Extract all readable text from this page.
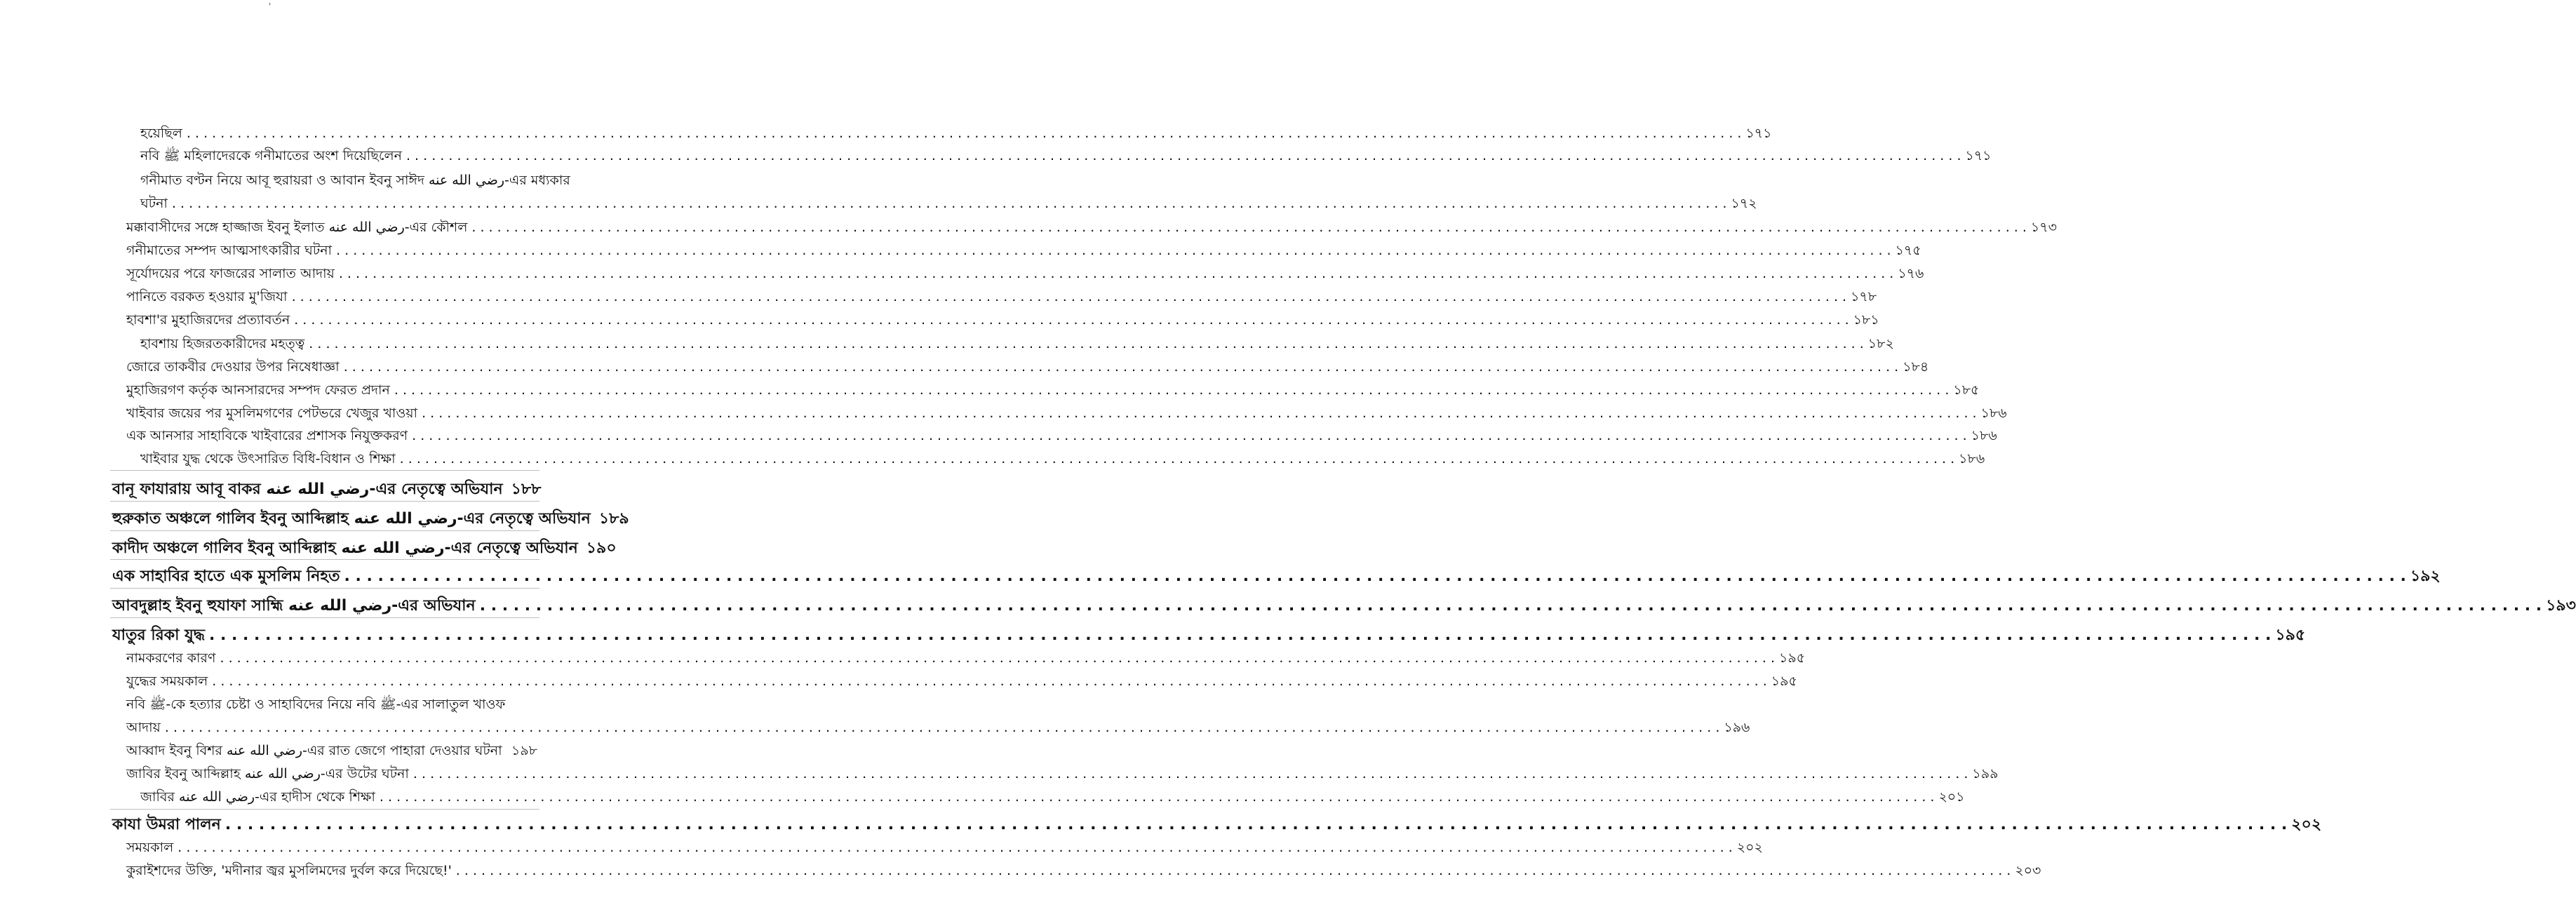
'
হয়েছিল . . .	১৭১
নবি ﷺ মহিলাদেরকে গনীমাতের অংশ দিয়েছিলেন . . .	১৭১
গনীমাত বণ্টন নিয়ে আবূ হুরায়রা ও আবান ইবনু সাঈদ رضي الله عنه-এর মধ্যকার
ঘটনা . . .	১৭২
মক্কাবাসীদের সঙ্গে হাজ্জাজ ইবনু ইলাত رضي الله عنه-এর কৌশল . . .	১৭৩
গনীমাতের সম্পদ আত্মসাৎকারীর ঘটনা . . .	১৭৫
সূর্যোদয়ের পরে ফাজরের সালাত আদায় . . .	১৭৬
পানিতে বরকত হওয়ার মু'জিযা . . .	১৭৮
হাবশা'র মুহাজিরদের প্রত্যাবর্তন . . .	১৮১
হাবশায় হিজরতকারীদের মহত্ত্ব . . .	১৮২
জোরে তাকবীর দেওয়ার উপর নিষেধাজ্ঞা . . .	১৮৪
মুহাজিরগণ কর্তৃক আনসারদের সম্পদ ফেরত প্রদান . . .	১৮৫
খাইবার জয়ের পর মুসলিমগণের পেটভরে খেজুর খাওয়া . . .	১৮৬
এক আনসার সাহাবিকে খাইবারের প্রশাসক নিযুক্তকরণ . . .	১৮৬
খাইবার যুদ্ধ থেকে উৎসারিত বিধি-বিধান ও শিক্ষা . . .	১৮৬
বানূ ফাযারায় আবূ বাকর رضي الله عنه-এর নেতৃত্বে অভিযান ১৮৮
হুরুকাত অঞ্চলে গালিব ইবনু আব্দিল্লাহ رضي الله عنه-এর নেতৃত্বে অভিযান ১৮৯
কাদীদ অঞ্চলে গালিব ইবনু আব্দিল্লাহ رضي الله عنه-এর নেতৃত্বে অভিযান ১৯০
এক সাহাবির হাতে এক মুসলিম নিহত . . .	১৯২
আবদুল্লাহ ইবনু হুযাফা সাহ্মি رضي الله عنه-এর অভিযান . . .	১৯৩
যাতুর রিকা যুদ্ধ . . .	১৯৫
নামকরণের কারণ . . .	১৯৫
যুদ্ধের সময়কাল . . .	১৯৫
নবি ﷺ-কে হত্যার চেষ্টা ও সাহাবিদের নিয়ে নবি ﷺ-এর সালাতুল খাওফ
আদায় . . .	১৯৬
আব্বাদ ইবনু বিশর رضي الله عنه-এর রাত জেগে পাহারা দেওয়ার ঘটনা . . . ১৯৮
জাবির ইবনু আব্দিল্লাহ رضي الله عنه-এর উটের ঘটনা . . .	১৯৯
জাবির رضي الله عنه-এর হাদীস থেকে শিক্ষা . . .	২০১
কাযা উমরা পালন . . .	২০২
সময়কাল . . .	২০২
কুরাইশদের উক্তি, 'মদীনার জ্বর মুসলিমদের দুর্বল করে দিয়েছে!' . . .	২০৩
